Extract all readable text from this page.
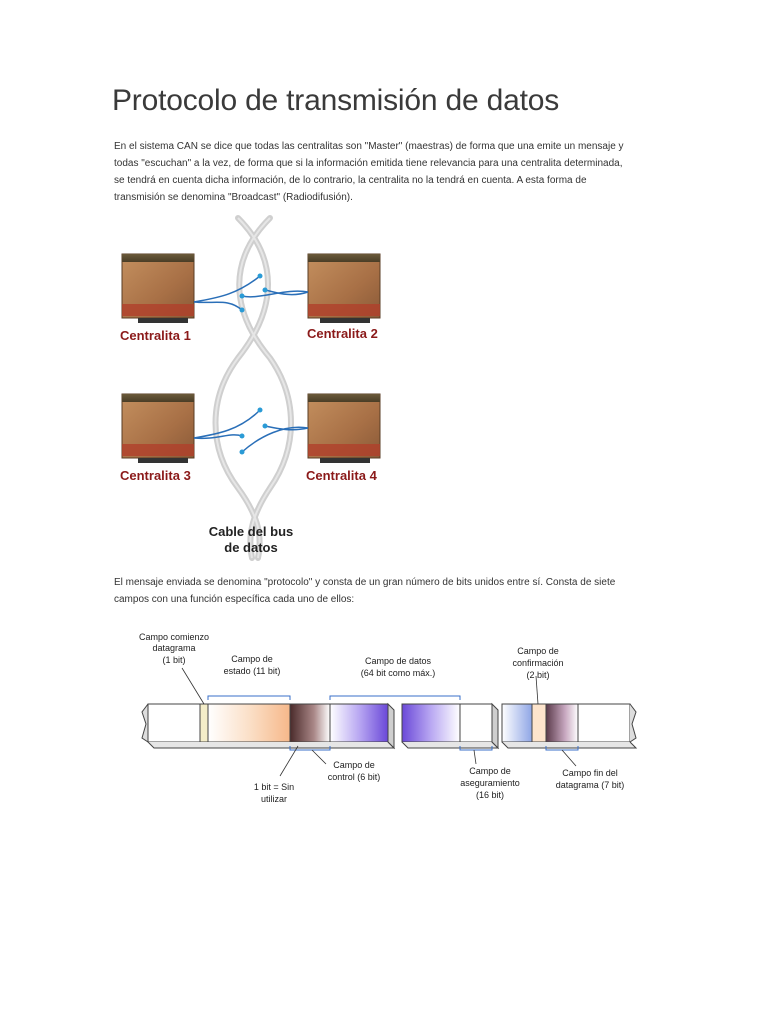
Protocolo de transmisión de datos
En el sistema CAN se dice que todas las centralitas son "Master" (maestras) de forma que una emite un mensaje y
todas "escuchan" a la vez, de forma que si la información emitida tiene relevancia para una centralita determinada,
se tendrá en cuenta dicha información, de lo contrario, la centralita no la tendrá en cuenta. A esta forma de
transmisión se denomina "Broadcast" (Radiodifusión).
Centralita 1	Centralita 2
Centralita 3	Centralita 4
Cable del bus
de datos
El mensaje enviada se denomina "protocolo" y consta de un gran número de bits unidos entre sí. Consta de siete
campos con una función específica cada uno de ellos:
Campo comienzo
datagrama
(1 bit)	Campo de
estado (11 bit)
Campo de datos
(64 bit como máx.)
Campo de
confirmación
(2 bit)
1 bit = Sin
utilizar
Campo de
control (6 bit)
Campo de
aseguramiento
(16 bit)
Campo fin del
datagrama (7 bit)
